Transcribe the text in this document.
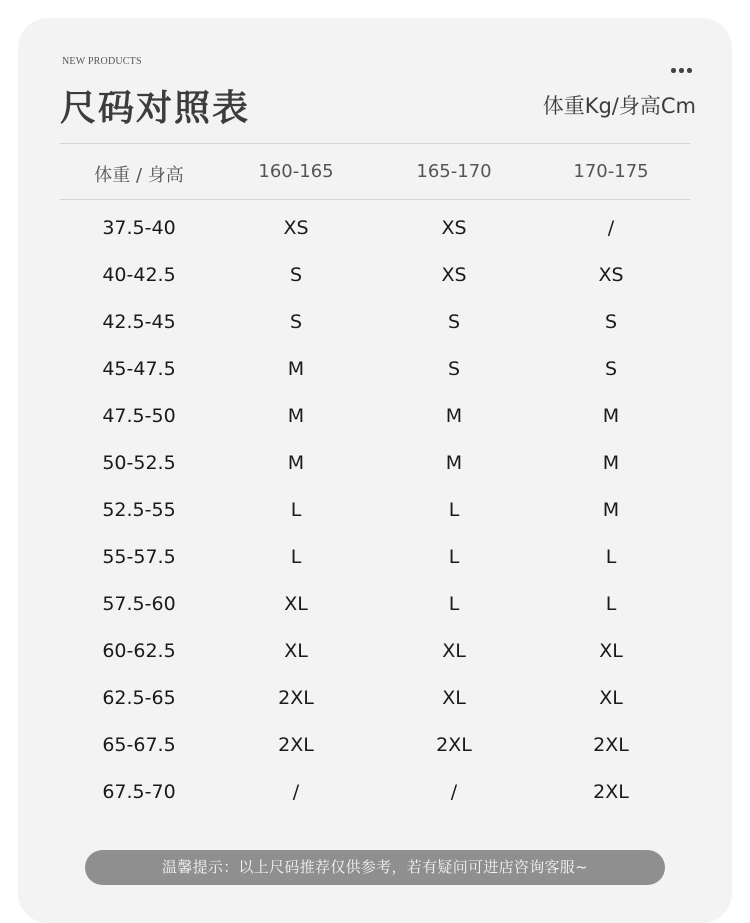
NEW PRODUCTS
尺码对照表	体重Kg/身高Cm
体重 / 身高	160-165	165-170	170-175
37.5-40	XS	XS	/
40-42.5	S	XS	XS
42.5-45	S	S	S
45-47.5	M	S	S
47.5-50	M	M	M
50-52.5	M	M	M
52.5-55	L	L	M
55-57.5	L	L	L
57.5-60	XL	L	L
60-62.5	XL	XL	XL
62.5-65	2XL	XL	XL
65-67.5	2XL	2XL	2XL
67.5-70	/	/	2XL
温馨提示：以上尺码推荐仅供参考，若有疑问可进店咨询客服~
